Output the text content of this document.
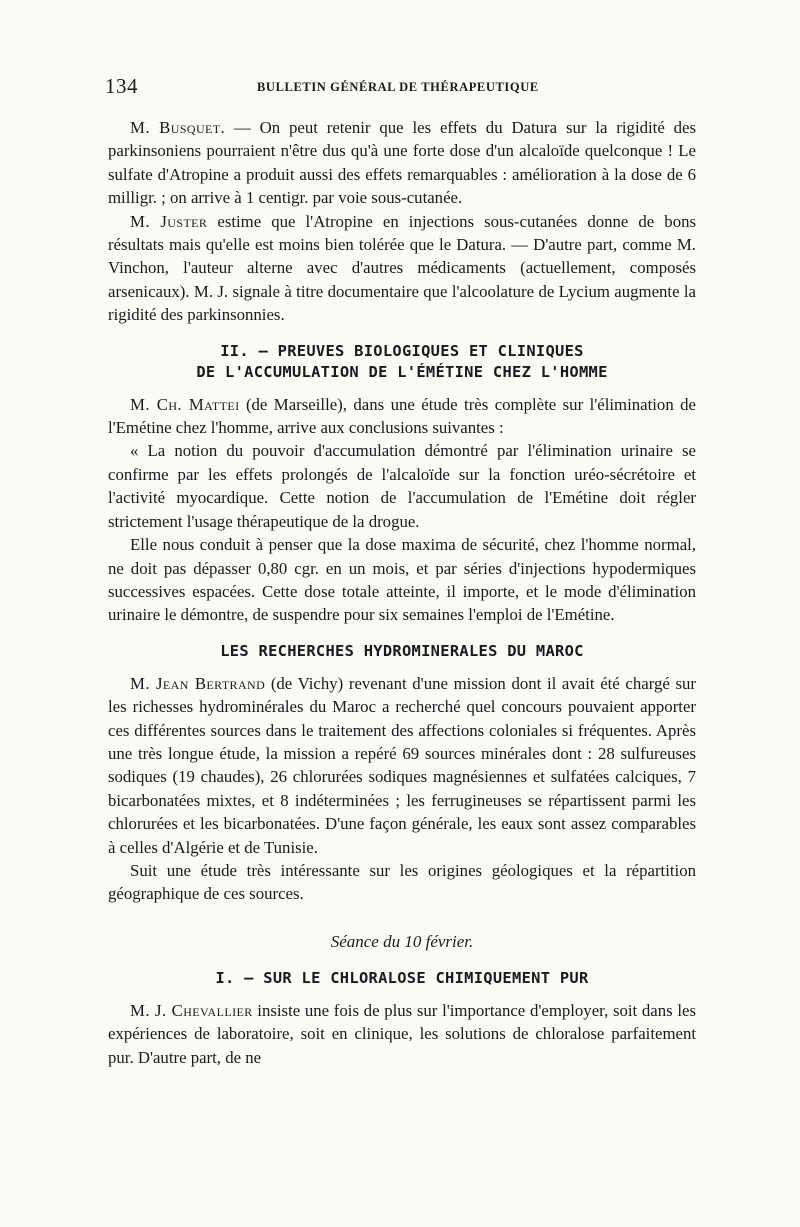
134	BULLETIN GÉNÉRAL DE THÉRAPEUTIQUE

M. Busquet. — On peut retenir que les effets du Datura sur la rigidité des parkinsoniens pourraient n'être dus qu'à une forte dose d'un alcaloïde quelconque ! Le sulfate d'Atropine a produit aussi des effets remarquables : amélioration à la dose de 6 milligr. ; on arrive à 1 centigr. par voie sous-cutanée.

M. Juster estime que l'Atropine en injections sous-cutanées donne de bons résultats mais qu'elle est moins bien tolérée que le Datura. — D'autre part, comme M. Vinchon, l'auteur alterne avec d'autres médicaments (actuellement, composés arsenicaux). M. J. signale à titre documentaire que l'alcoolature de Lycium augmente la rigidité des parkinsonnies.

II. — PREUVES BIOLOGIQUES ET CLINIQUES
DE L'ACCUMULATION DE L'ÉMÉTINE CHEZ L'HOMME

M. Ch. Mattei (de Marseille), dans une étude très complète sur l'élimination de l'Emétine chez l'homme, arrive aux conclusions suivantes :

« La notion du pouvoir d'accumulation démontré par l'élimination urinaire se confirme par les effets prolongés de l'alcaloïde sur la fonction uréo-sécrétoire et l'activité myocardique. Cette notion de l'accumulation de l'Emétine doit régler strictement l'usage thérapeutique de la drogue.

Elle nous conduit à penser que la dose maxima de sécurité, chez l'homme normal, ne doit pas dépasser 0,80 cgr. en un mois, et par séries d'injections hypodermiques successives espacées. Cette dose totale atteinte, il importe, et le mode d'élimination urinaire le démontre, de suspendre pour six semaines l'emploi de l'Emétine.

LES RECHERCHES HYDROMINERALES DU MAROC

M. Jean Bertrand (de Vichy) revenant d'une mission dont il avait été chargé sur les richesses hydrominérales du Maroc a recherché quel concours pouvaient apporter ces différentes sources dans le traitement des affections coloniales si fréquentes. Après une très longue étude, la mission a repéré 69 sources minérales dont : 28 sulfureuses sodiques (19 chaudes), 26 chlorurées sodiques magnésiennes et sulfatées calciques, 7 bicarbonatées mixtes, et 8 indéterminées ; les ferrugineuses se répartissent parmi les chlorurées et les bicarbonatées. D'une façon générale, les eaux sont assez comparables à celles d'Algérie et de Tunisie.

Suit une étude très intéressante sur les origines géologiques et la répartition géographique de ces sources.

Séance du 10 février.
I. — SUR LE CHLORALOSE CHIMIQUEMENT PUR

M. J. Chevallier insiste une fois de plus sur l'importance d'employer, soit dans les expériences de laboratoire, soit en clinique, les solutions de chloralose parfaitement pur. D'autre part, de ne
